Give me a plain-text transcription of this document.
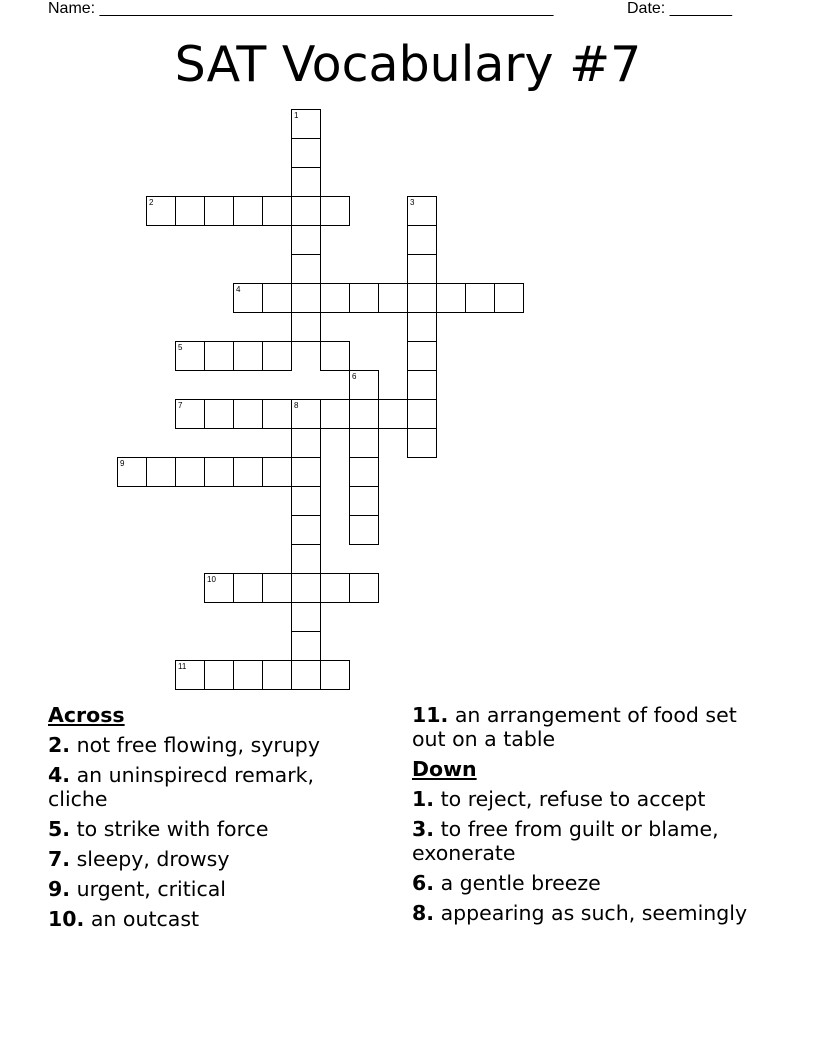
Name: ___________________________________________________	Date: _______
SAT Vocabulary #7
1
2	3
4
5
6
7	8
9
10
11
Across
2. not free flowing, syrupy
4. an uninspirecd remark, cliche
5. to strike with force
7. sleepy, drowsy
9. urgent, critical
10. an outcast
11. an arrangement of food set out on a table
Down
1. to reject, refuse to accept
3. to free from guilt or blame, exonerate
6. a gentle breeze
8. appearing as such, seemingly
